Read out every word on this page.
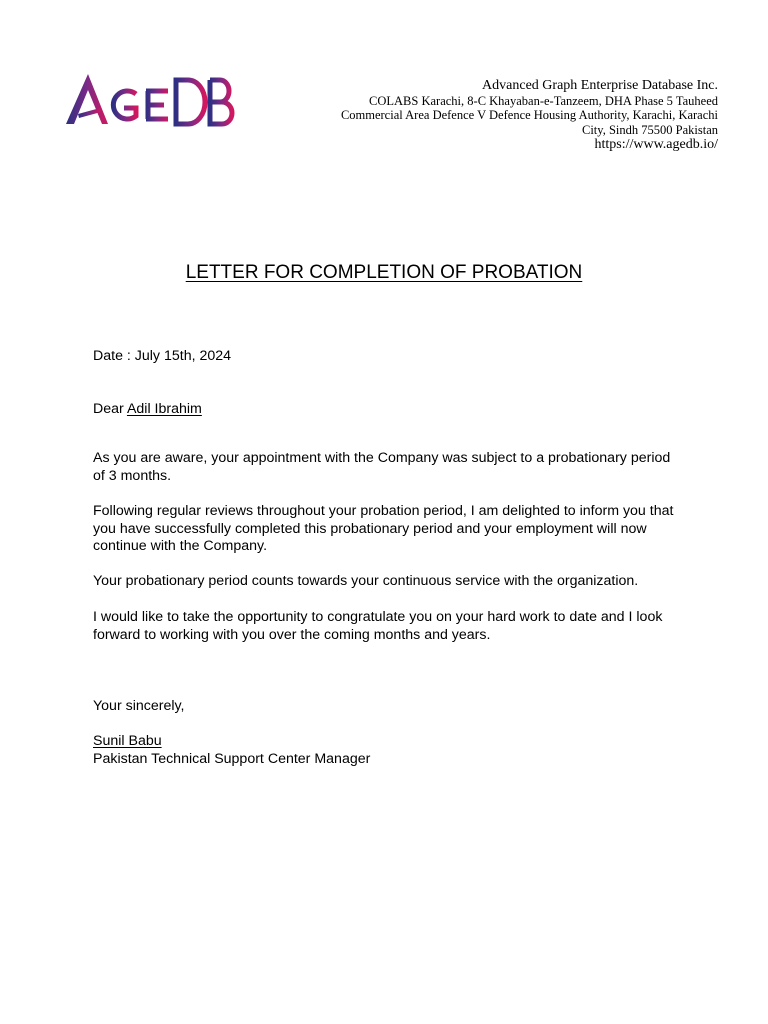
Advanced Graph Enterprise Database Inc.
COLABS Karachi, 8-C Khayaban-e-Tanzeem, DHA Phase 5 Tauheed
Commercial Area Defence V Defence Housing Authority, Karachi, Karachi
City, Sindh 75500 Pakistan
https://www.agedb.io/
LETTER FOR COMPLETION OF PROBATION
Date : July 15th, 2024
Dear Adil Ibrahim
As you are aware, your appointment with the Company was subject to a probationary period of 3 months.
Following regular reviews throughout your probation period, I am delighted to inform you that you have successfully completed this probationary period and your employment will now continue with the Company.
Your probationary period counts towards your continuous service with the organization.
I would like to take the opportunity to congratulate you on your hard work to date and I look forward to working with you over the coming months and years.
Your sincerely,
Sunil Babu
Pakistan Technical Support Center Manager
